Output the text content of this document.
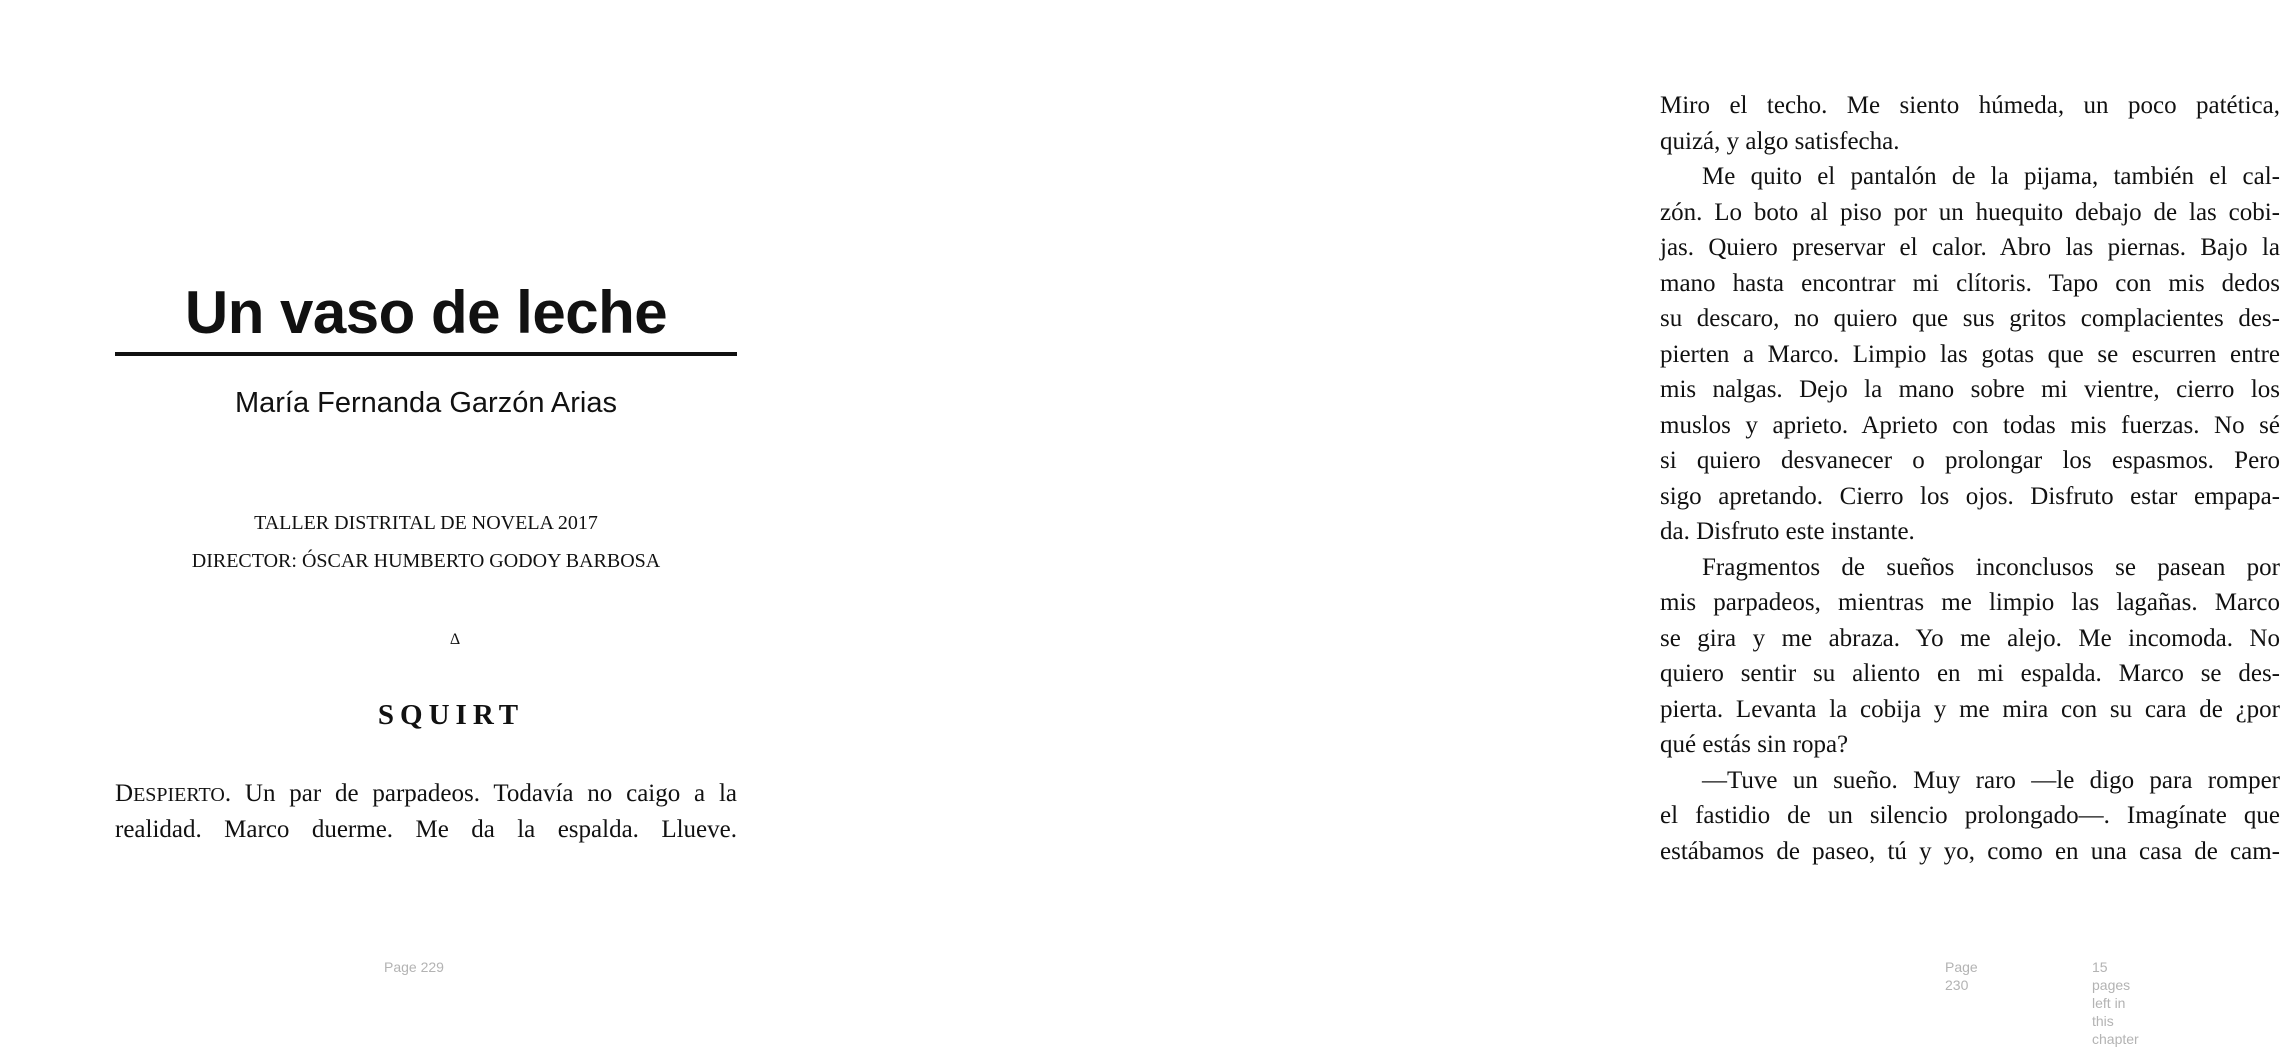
Un vaso de leche
María Fernanda Garzón Arias
TALLER DISTRITAL DE NOVELA 2017
DIRECTOR: ÓSCAR HUMBERTO GODOY BARBOSA
∆
SQUIRT

DESPIERTO. Un par de parpadeos. Todavía no caigo a la
realidad. Marco duerme. Me da la espalda. Llueve.

Page 229

Miro el techo. Me siento húmeda, un poco patética,
quizá, y algo satisfecha.
Me quito el pantalón de la pijama, también el cal-
zón. Lo boto al piso por un huequito debajo de las cobi-
jas. Quiero preservar el calor. Abro las piernas. Bajo la
mano hasta encontrar mi clítoris. Tapo con mis dedos
su descaro, no quiero que sus gritos complacientes des-
pierten a Marco. Limpio las gotas que se escurren entre
mis nalgas. Dejo la mano sobre mi vientre, cierro los
muslos y aprieto. Aprieto con todas mis fuerzas. No sé
si quiero desvanecer o prolongar los espasmos. Pero
sigo apretando. Cierro los ojos. Disfruto estar empapa-
da. Disfruto este instante.
Fragmentos de sueños inconclusos se pasean por
mis parpadeos, mientras me limpio las lagañas. Marco
se gira y me abraza. Yo me alejo. Me incomoda. No
quiero sentir su aliento en mi espalda. Marco se des-
pierta. Levanta la cobija y me mira con su cara de ¿por
qué estás sin ropa?
—Tuve un sueño. Muy raro —le digo para romper
el fastidio de un silencio prolongado—. Imagínate que
estábamos de paseo, tú y yo, como en una casa de cam-

Page 230
15 pages left in this chapter
